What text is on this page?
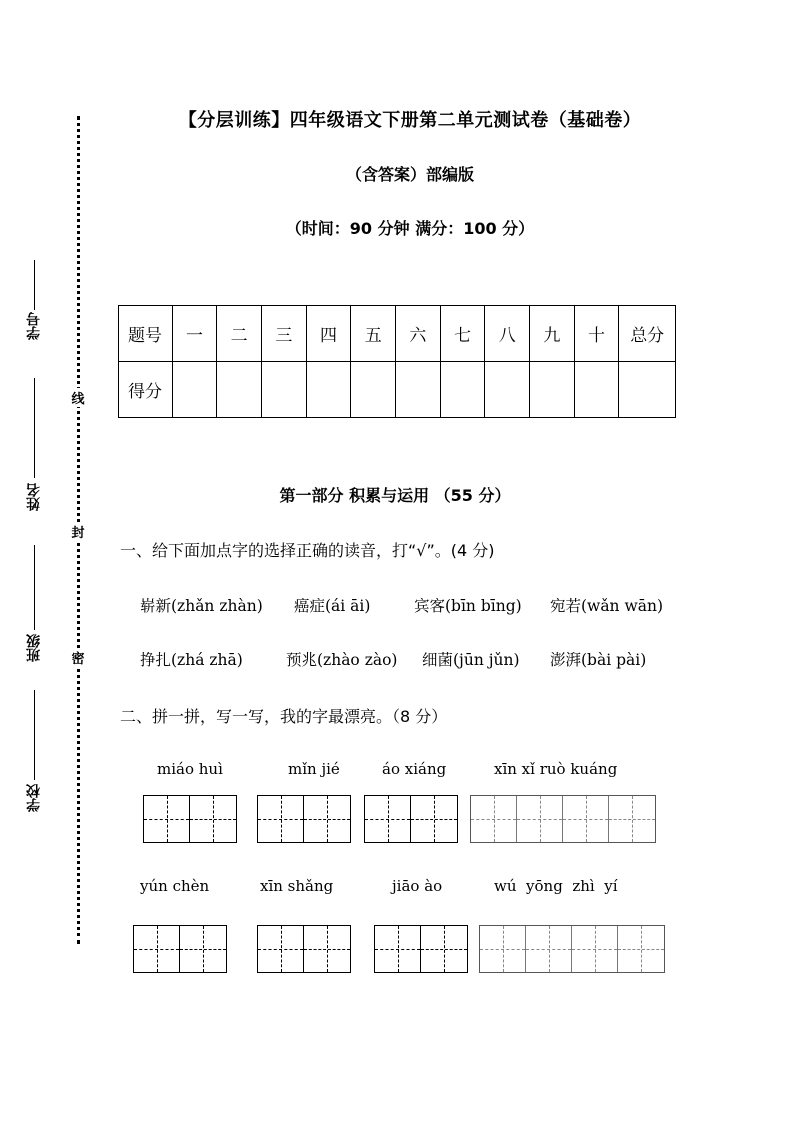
线
封
密
学号
姓名
班级
学校
【分层训练】四年级语文下册第二单元测试卷（基础卷）
（含答案）部编版
（时间：90 分钟 满分：100 分）
题号	一	二	三	四	五	六	七	八	九	十	总分
得分											
第一部分 积累与运用 （55 分）
一、给下面加点字的选择正确的读音，打“√”。(4 分)
崭新(zhǎn zhàn) 癌症(ái āi)	宾客(bīn bīng) 宛若(wǎn wān)
挣扎(zhá zhā)	预兆(zhào zào) 细菌(jūn jǔn) 澎湃(bài pài)
二、拼一拼，写一写，我的字最漂亮。（8 分）
miáo huì	mǐn jié	áo xiáng	xīn xǐ ruò kuáng
yún chèn	xīn shǎng	jiāo ào	wú  yōng  zhì  yí
